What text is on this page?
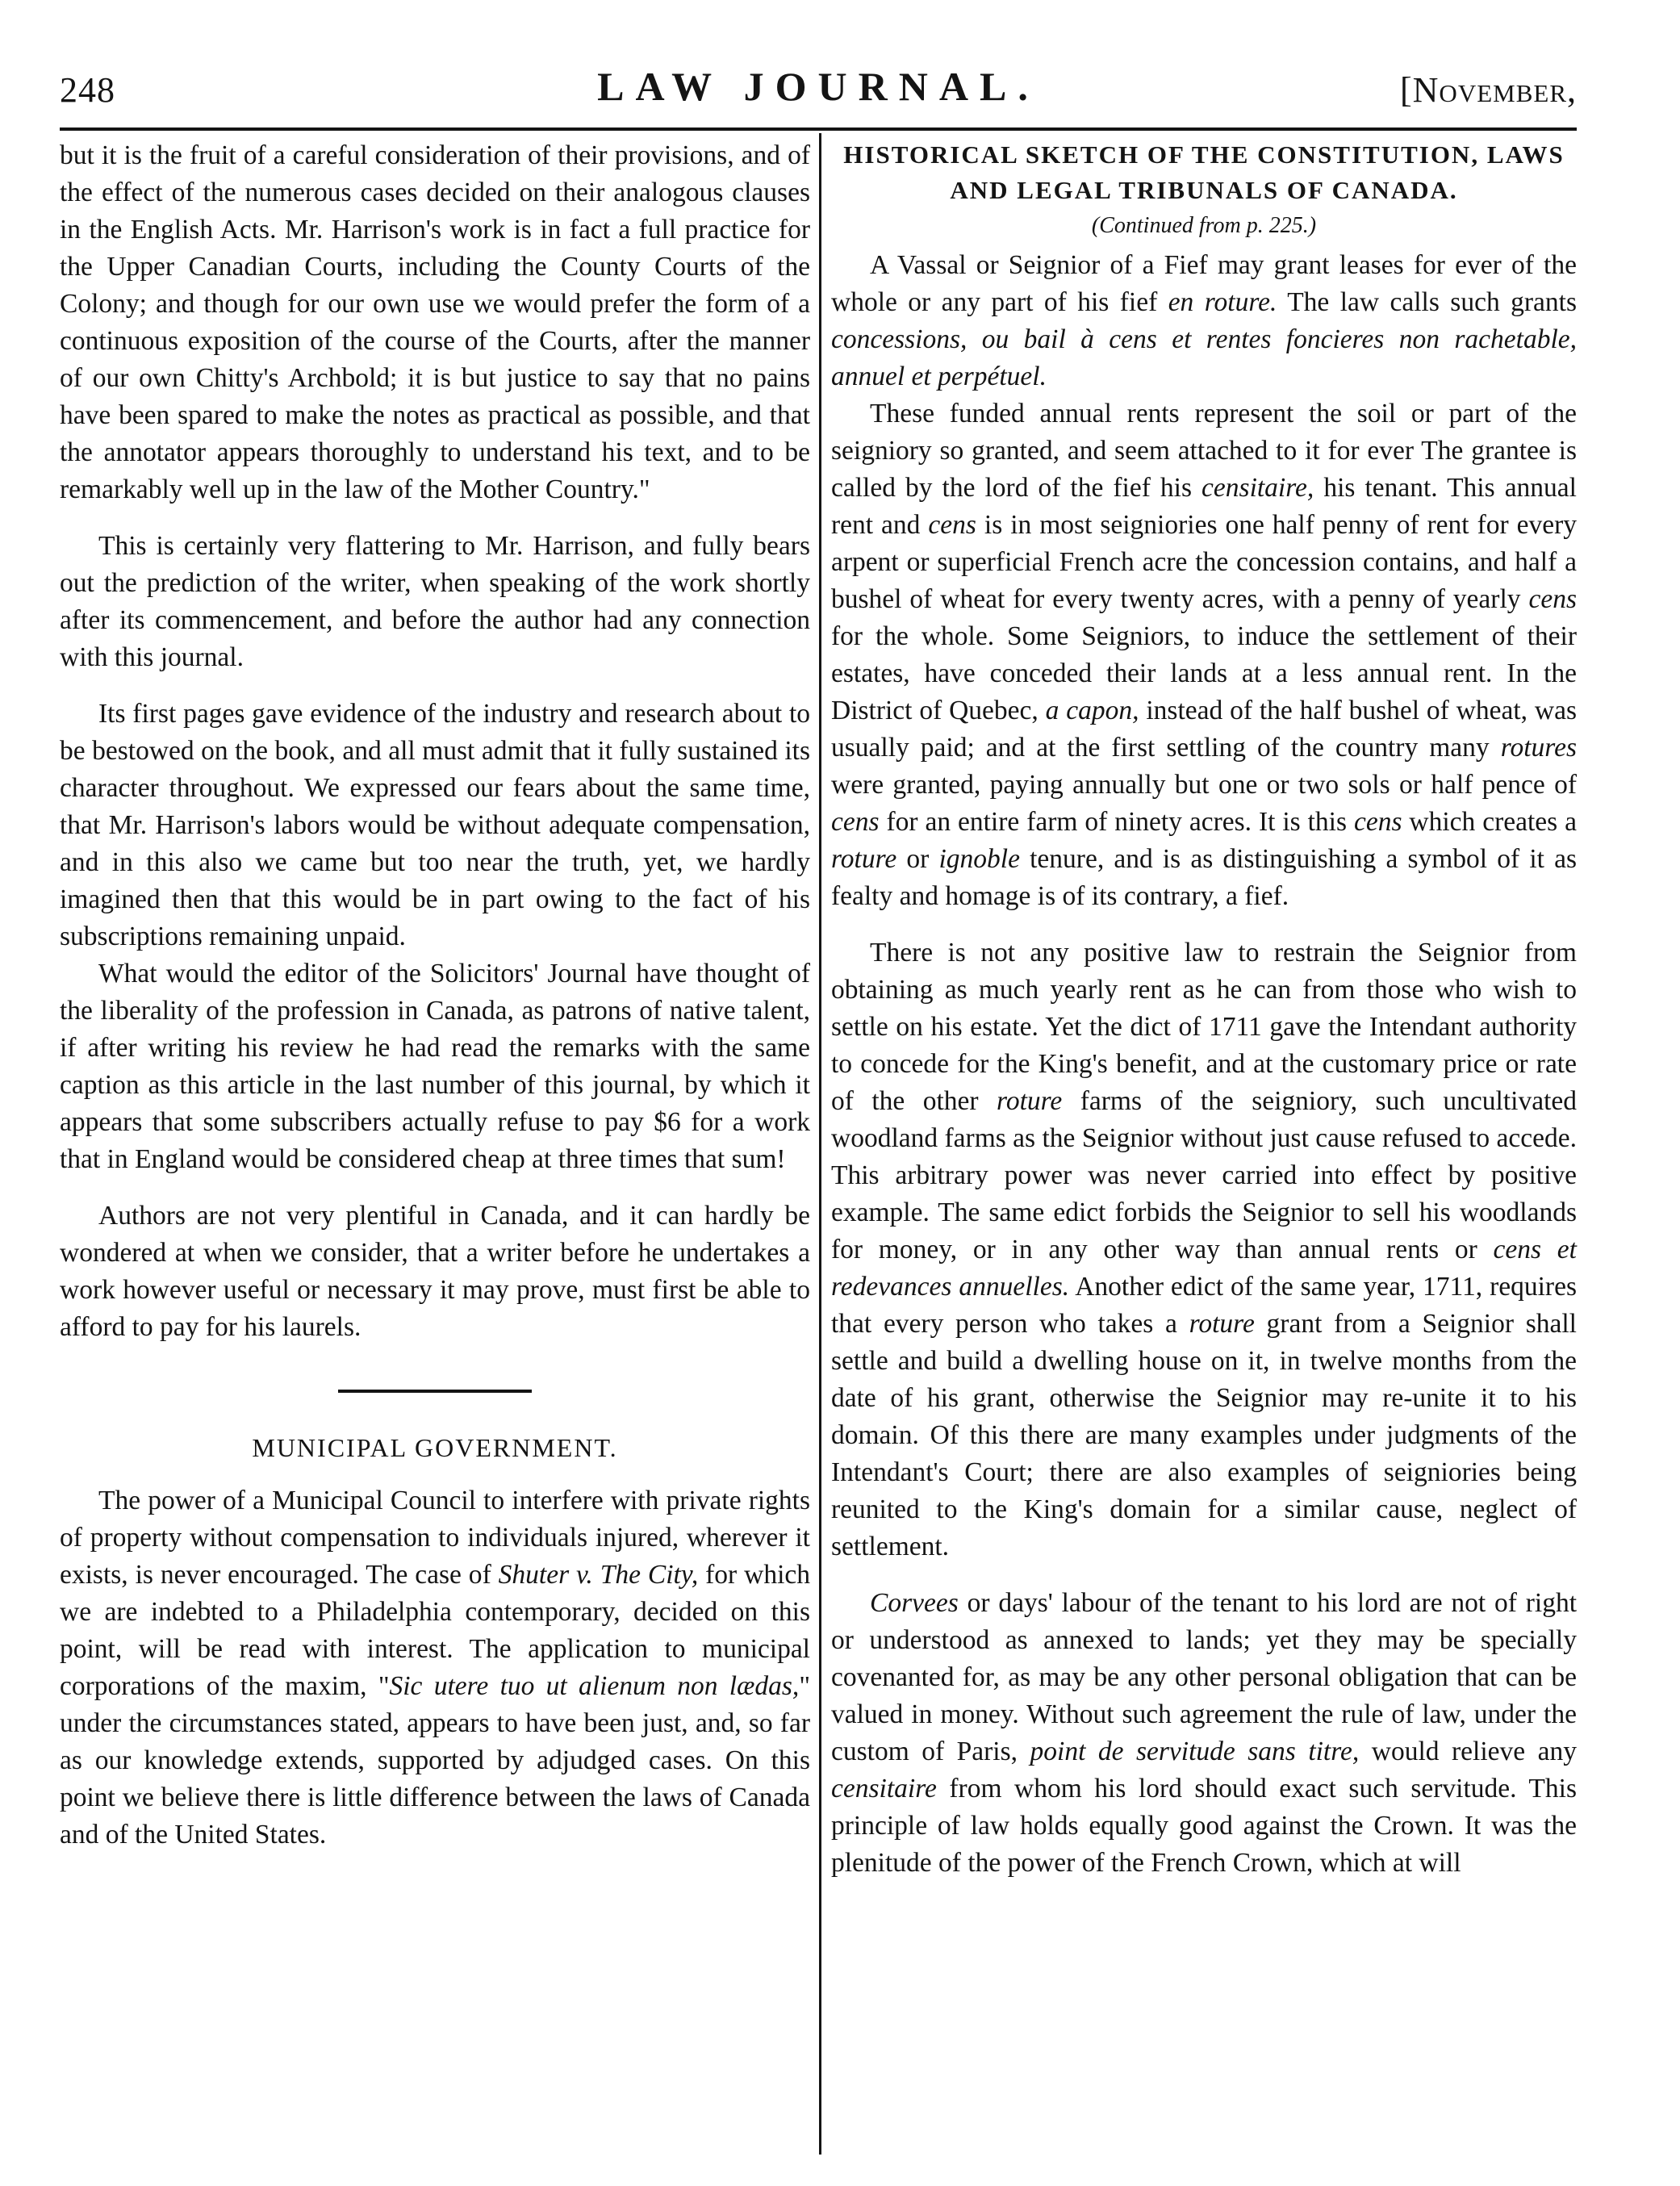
248	LAW JOURNAL.	[November,

but it is the fruit of a careful consideration of their provisions, and of the effect of the numerous cases decided on their analogous clauses in the English Acts. Mr. Harrison's work is in fact a full practice for the Upper Canadian Courts, including the County Courts of the Colony; and though for our own use we would prefer the form of a continuous exposition of the course of the Courts, after the manner of our own Chitty's Archbold; it is but justice to say that no pains have been spared to make the notes as practical as possible, and that the annotator appears thoroughly to understand his text, and to be remarkably well up in the law of the Mother Country."

This is certainly very flattering to Mr. Harrison, and fully bears out the prediction of the writer, when speaking of the work shortly after its commencement, and before the author had any connection with this journal.

Its first pages gave evidence of the industry and research about to be bestowed on the book, and all must admit that it fully sustained its character throughout. We expressed our fears about the same time, that Mr. Harrison's labors would be without adequate compensation, and in this also we came but too near the truth, yet, we hardly imagined then that this would be in part owing to the fact of his subscriptions remaining unpaid.

What would the editor of the Solicitors' Journal have thought of the liberality of the profession in Canada, as patrons of native talent, if after writing his review he had read the remarks with the same caption as this article in the last number of this journal, by which it appears that some subscribers actually refuse to pay $6 for a work that in England would be considered cheap at three times that sum!

Authors are not very plentiful in Canada, and it can hardly be wondered at when we consider, that a writer before he undertakes a work however useful or necessary it may prove, must first be able to afford to pay for his laurels.

MUNICIPAL GOVERNMENT.

The power of a Municipal Council to interfere with private rights of property without compensation to individuals injured, wherever it exists, is never encouraged. The case of Shuter v. The City, for which we are indebted to a Philadelphia contemporary, decided on this point, will be read with interest. The application to municipal corporations of the maxim, "Sic utere tuo ut alienum non lædas," under the circumstances stated, appears to have been just, and, so far as our knowledge extends, supported by adjudged cases. On this point we believe there is little difference between the laws of Canada and of the United States.

HISTORICAL SKETCH OF THE CONSTITUTION, LAWS AND LEGAL TRIBUNALS OF CANADA.
(Continued from p. 225.)

A Vassal or Seignior of a Fief may grant leases for ever of the whole or any part of his fief en roture. The law calls such grants concessions, ou bail à cens et rentes foncieres non rachetable, annuel et perpétuel.

These funded annual rents represent the soil or part of the seigniory so granted, and seem attached to it for ever The grantee is called by the lord of the fief his censitaire, his tenant. This annual rent and cens is in most seigniories one half penny of rent for every arpent or superficial French acre the concession contains, and half a bushel of wheat for every twenty acres, with a penny of yearly cens for the whole. Some Seigniors, to induce the settlement of their estates, have conceded their lands at a less annual rent. In the District of Quebec, a capon, instead of the half bushel of wheat, was usually paid; and at the first settling of the country many rotures were granted, paying annually but one or two sols or half pence of cens for an entire farm of ninety acres. It is this cens which creates a roture or ignoble tenure, and is as distinguishing a symbol of it as fealty and homage is of its contrary, a fief.

There is not any positive law to restrain the Seignior from obtaining as much yearly rent as he can from those who wish to settle on his estate. Yet the dict of 1711 gave the Intendant authority to concede for the King's benefit, and at the customary price or rate of the other roture farms of the seigniory, such uncultivated woodland farms as the Seignior without just cause refused to accede. This arbitrary power was never carried into effect by positive example. The same edict forbids the Seignior to sell his woodlands for money, or in any other way than annual rents or cens et redevances annuelles. Another edict of the same year, 1711, requires that every person who takes a roture grant from a Seignior shall settle and build a dwelling house on it, in twelve months from the date of his grant, otherwise the Seignior may re-unite it to his domain. Of this there are many examples under judgments of the Intendant's Court; there are also examples of seigniories being reunited to the King's domain for a similar cause, neglect of settlement.

Corvees or days' labour of the tenant to his lord are not of right or understood as annexed to lands; yet they may be specially covenanted for, as may be any other personal obligation that can be valued in money. Without such agreement the rule of law, under the custom of Paris, point de servitude sans titre, would relieve any censitaire from whom his lord should exact such servitude. This principle of law holds equally good against the Crown. It was the plenitude of the power of the French Crown, which at will
